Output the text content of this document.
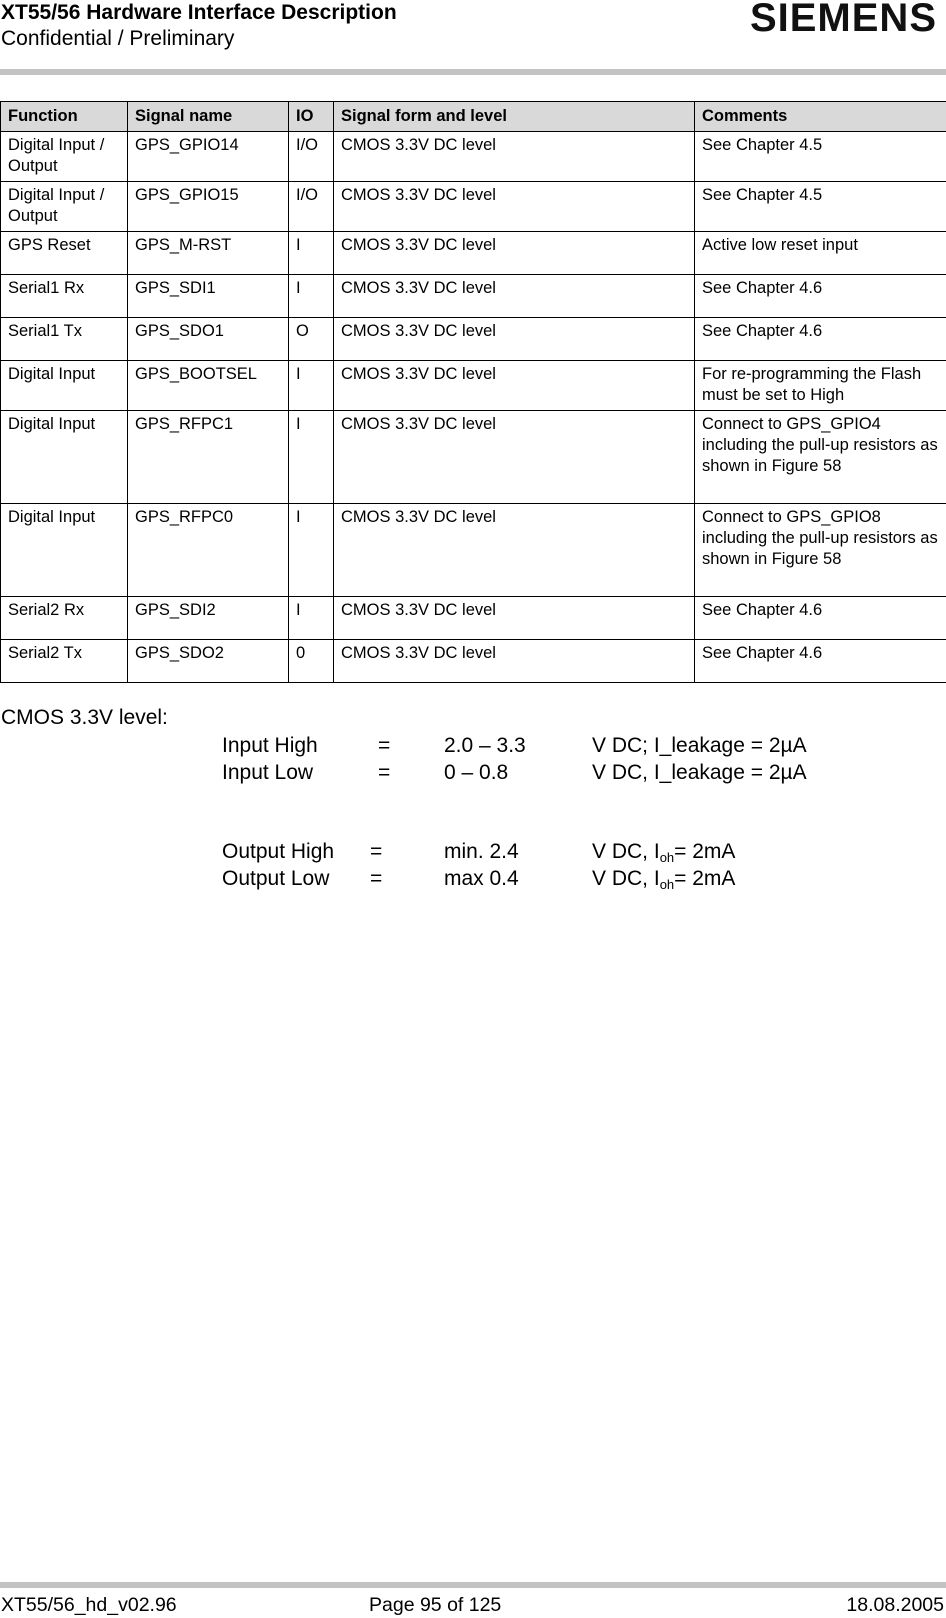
XT55/56 Hardware Interface Description
Confidential / Preliminary	SIEMENS
Function	Signal name	IO	Signal form and level	Comments
Digital Input / Output	GPS_GPIO14	I/O	CMOS 3.3V DC level	See Chapter 4.5
Digital Input / Output	GPS_GPIO15	I/O	CMOS 3.3V DC level	See Chapter 4.5
GPS Reset	GPS_M-RST	I	CMOS 3.3V DC level	Active low reset input
Serial1 Rx	GPS_SDI1	I	CMOS 3.3V DC level	See Chapter 4.6
Serial1 Tx	GPS_SDO1	O	CMOS 3.3V DC level	See Chapter 4.6
Digital Input	GPS_BOOTSEL	I	CMOS 3.3V DC level	For re-programming the Flash must be set to High
Digital Input	GPS_RFPC1	I	CMOS 3.3V DC level	Connect to GPS_GPIO4 including the pull-up resistors as shown in Figure 58
Digital Input	GPS_RFPC0	I	CMOS 3.3V DC level	Connect to GPS_GPIO8 including the pull-up resistors as shown in Figure 58
Serial2 Rx	GPS_SDI2	I	CMOS 3.3V DC level	See Chapter 4.6
Serial2 Tx	GPS_SDO2	0	CMOS 3.3V DC level	See Chapter 4.6
CMOS 3.3V level:
Input High	=	2.0 – 3.3	V DC; I_leakage = 2µA
Input Low	=	0 – 0.8	V DC, I_leakage = 2µA
Output High =	min. 2.4	V DC, $I_{oh}= 2mA$
Output Low =	max 0.4	V DC, $I_{oh}= 2mA$
XT55/56_hd_v02.96	Page 95 of 125	18.08.2005
